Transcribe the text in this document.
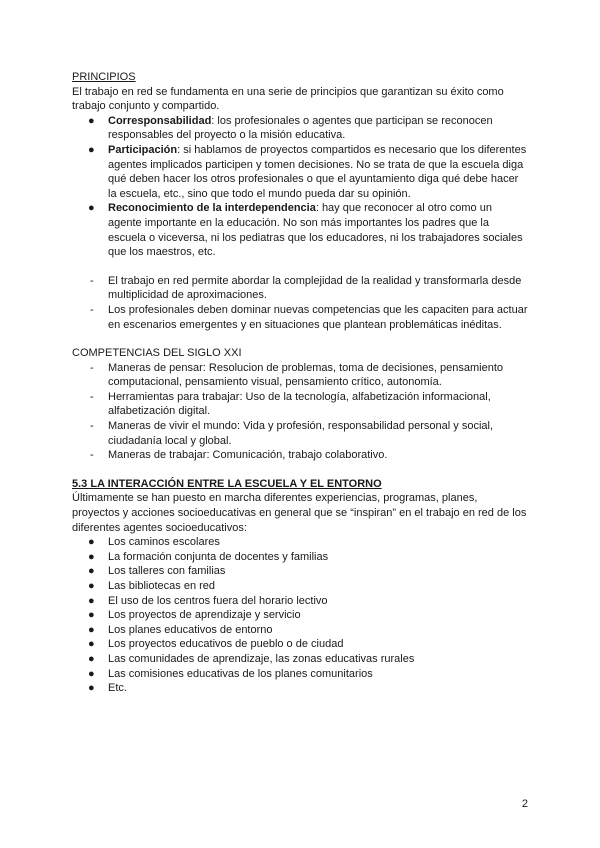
PRINCIPIOS

El trabajo en red se fundamenta en una serie de principios que garantizan su éxito como trabajo conjunto y compartido.

● Corresponsabilidad: los profesionales o agentes que participan se reconocen responsables del proyecto o la misión educativa.
● Participación: si hablamos de proyectos compartidos es necesario que los diferentes agentes implicados participen y tomen decisiones. No se trata de que la escuela diga qué deben hacer los otros profesionales o que el ayuntamiento diga qué debe hacer la escuela, etc., sino que todo el mundo pueda dar su opinión.
● Reconocimiento de la interdependencia: hay que reconocer al otro como un agente importante en la educación. No son más importantes los padres que la escuela o viceversa, ni los pediatras que los educadores, ni los trabajadores sociales que los maestros, etc.
- El trabajo en red permite abordar la complejidad de la realidad y transformarla desde multiplicidad de aproximaciones.
- Los profesionales deben dominar nuevas competencias que les capaciten para actuar en escenarios emergentes y en situaciones que plantean problemáticas inéditas.

COMPETENCIAS DEL SIGLO XXI

- Maneras de pensar: Resolucion de problemas, toma de decisiones, pensamiento computacional, pensamiento visual, pensamiento crítico, autonomía.
- Herramientas para trabajar: Uso de la tecnología, alfabetización informacional, alfabetización digital.
- Maneras de vivir el mundo: Vida y profesión, responsabilidad personal y social, ciudadanía local y global.
- Maneras de trabajar: Comunicación, trabajo colaborativo.

5.3 LA INTERACCIÓN ENTRE LA ESCUELA Y EL ENTORNO

Últimamente se han puesto en marcha diferentes experiencias, programas, planes, proyectos y acciones socioeducativas en general que se “inspiran” en el trabajo en red de los diferentes agentes socioeducativos:

● Los caminos escolares
● La formación conjunta de docentes y familias
● Los talleres con familias
● Las bibliotecas en red
● El uso de los centros fuera del horario lectivo
● Los proyectos de aprendizaje y servicio
● Los planes educativos de entorno
● Los proyectos educativos de pueblo o de ciudad
● Las comunidades de aprendizaje, las zonas educativas rurales
● Las comisiones educativas de los planes comunitarios
● Etc.
2
